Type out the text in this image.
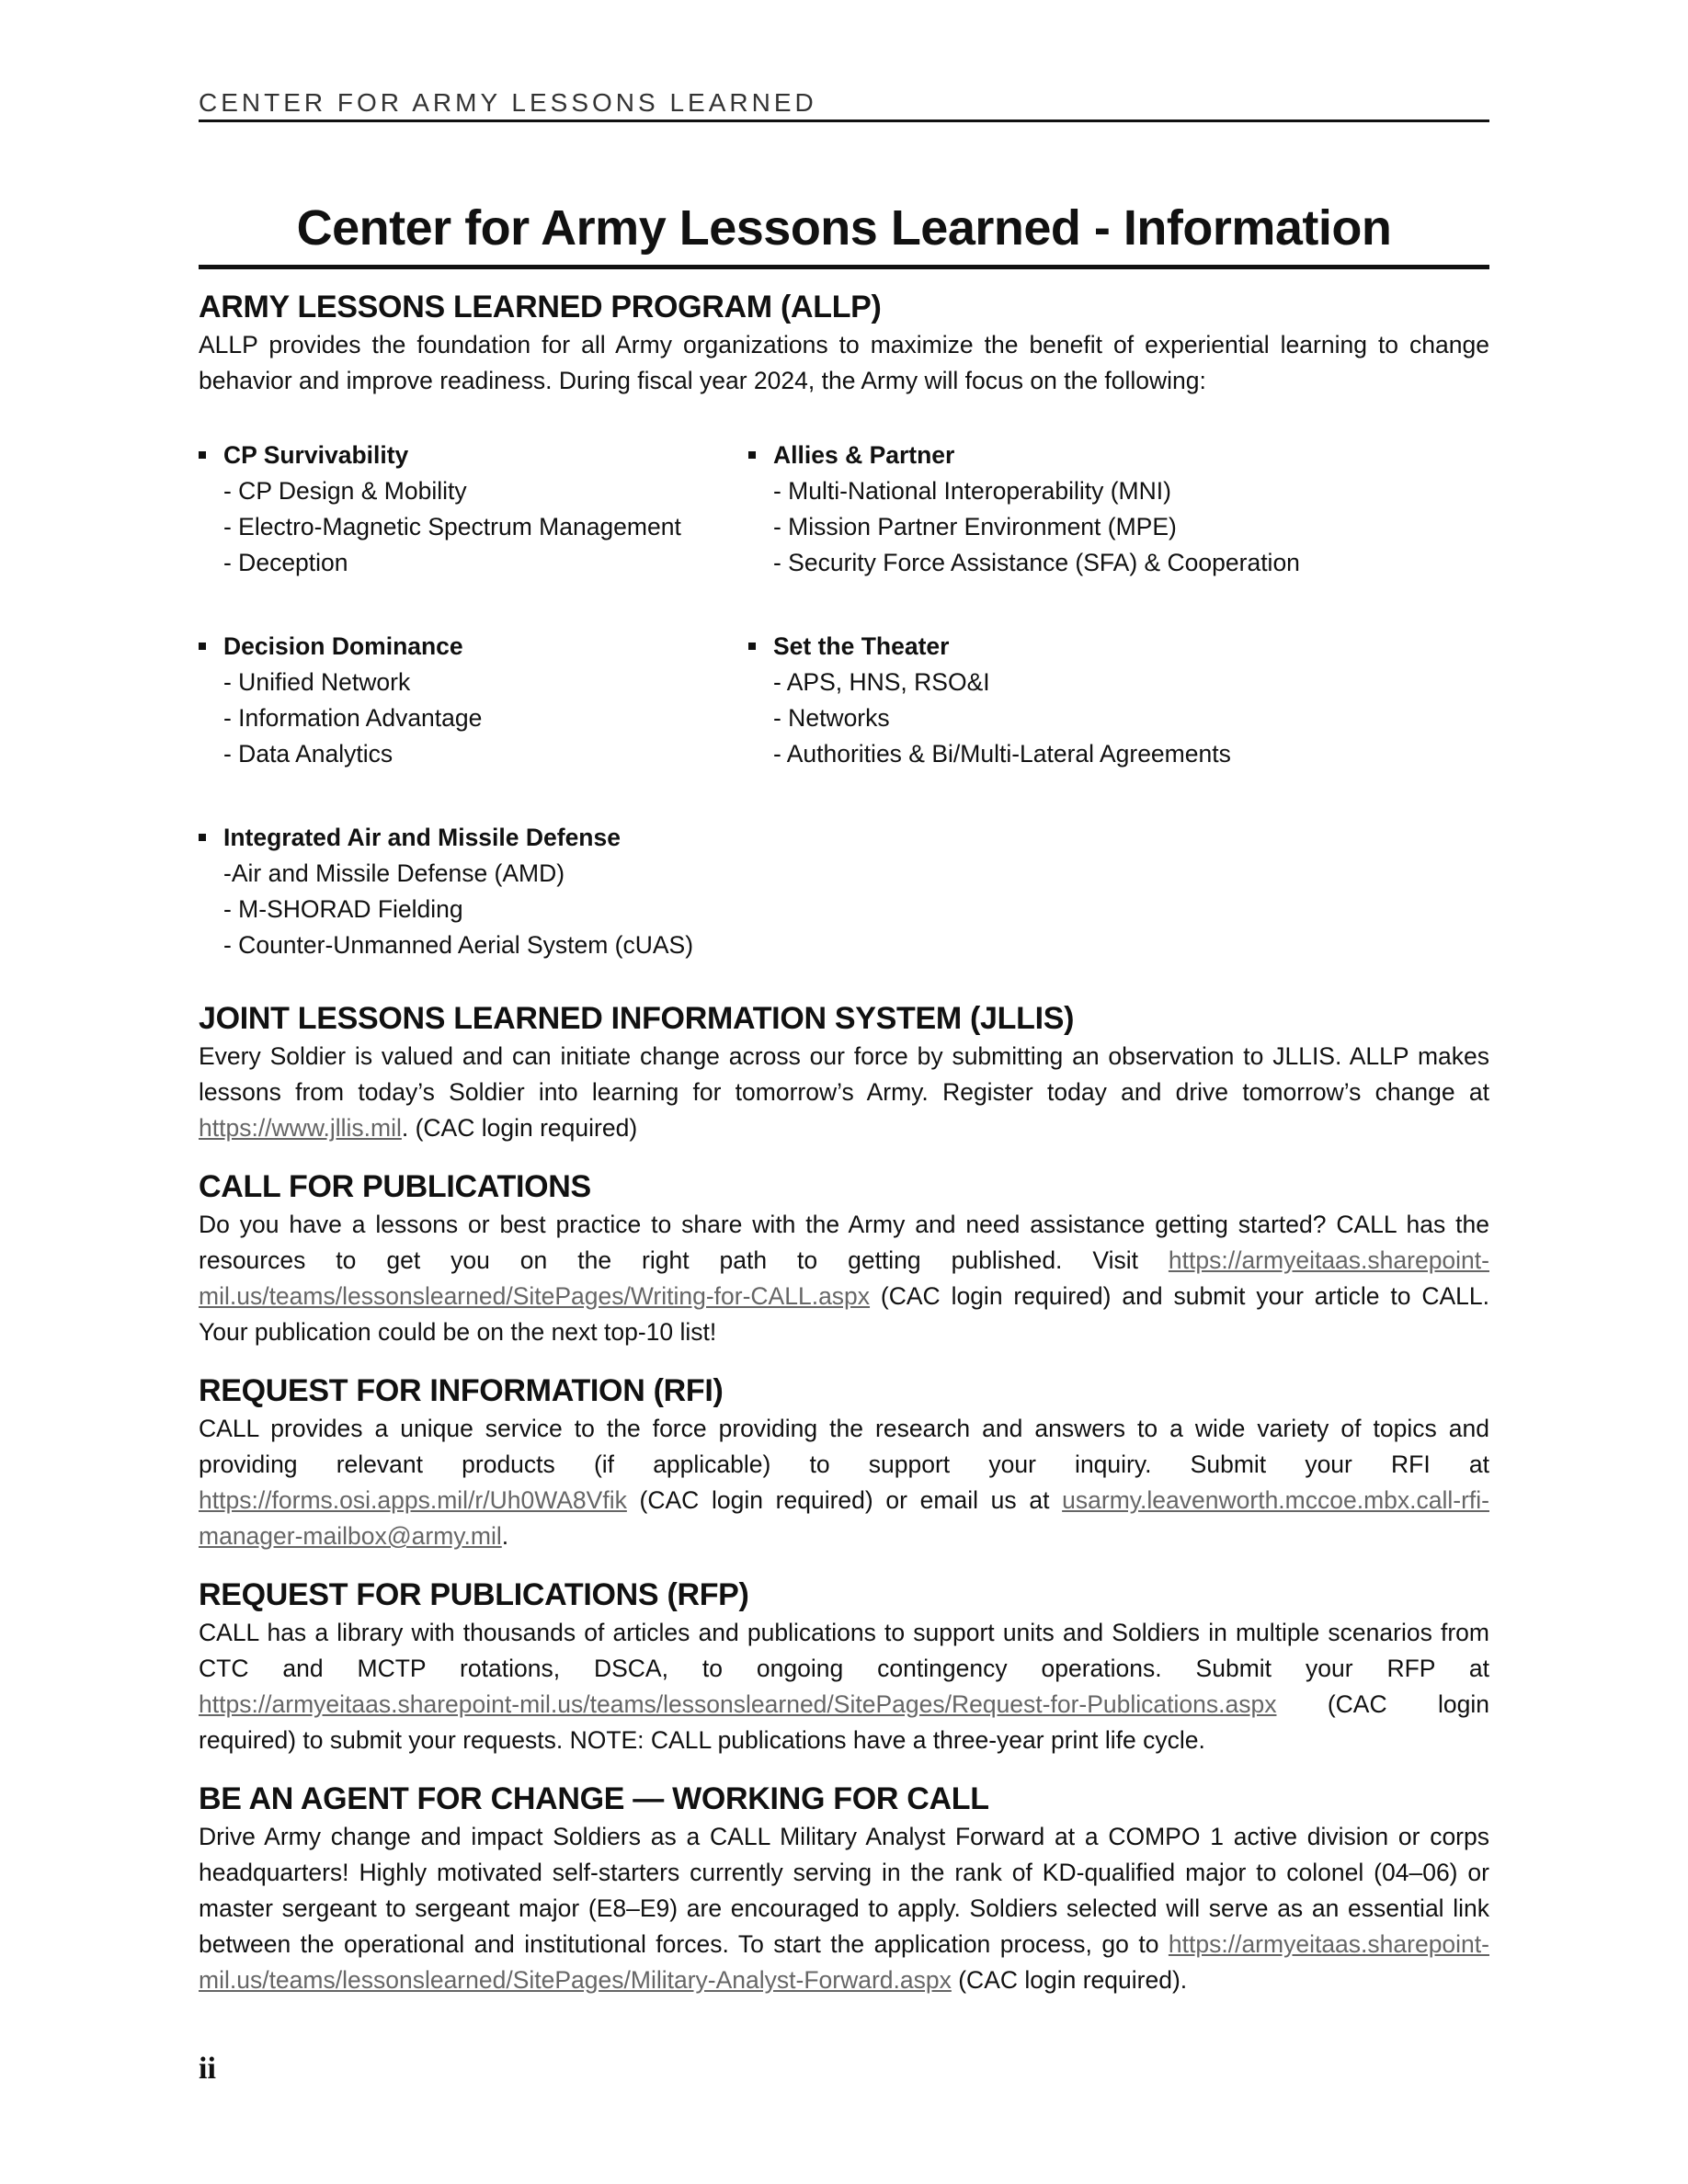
CENTER FOR ARMY LESSONS LEARNED
Center for Army Lessons Learned - Information
ARMY LESSONS LEARNED PROGRAM (ALLP)

ALLP provides the foundation for all Army organizations to maximize the benefit of experiential learning to change behavior and improve readiness. During fiscal year 2024, the Army will focus on the following:

CP Survivability
- CP Design & Mobility
- Electro-Magnetic Spectrum Management
- Deception
Decision Dominance
- Unified Network
- Information Advantage
- Data Analytics
Integrated Air and Missile Defense
-Air and Missile Defense (AMD)
- M-SHORAD Fielding
- Counter-Unmanned Aerial System (cUAS)
Allies & Partner
- Multi-National Interoperability (MNI)
- Mission Partner Environment (MPE)
- Security Force Assistance (SFA) & Cooperation
Set the Theater
- APS, HNS, RSO&I
- Networks
- Authorities & Bi/Multi-Lateral Agreements
JOINT LESSONS LEARNED INFORMATION SYSTEM (JLLIS)

Every Soldier is valued and can initiate change across our force by submitting an observation to JLLIS. ALLP makes lessons from today’s Soldier into learning for tomorrow’s Army. Register today and drive tomorrow’s change at https://www.jllis.mil. (CAC login required)

CALL FOR PUBLICATIONS

Do you have a lessons or best practice to share with the Army and need assistance getting started? CALL has the resources to get you on the right path to getting published. Visit https://armyeitaas.sharepoint-mil.us/teams/lessonslearned/SitePages/Writing-for-CALL.aspx (CAC login required) and submit your article to CALL. Your publication could be on the next top-10 list!

REQUEST FOR INFORMATION (RFI)

CALL provides a unique service to the force providing the research and answers to a wide variety of topics and providing relevant products (if applicable) to support your inquiry. Submit your RFI at https://forms.osi.apps.mil/r/Uh0WA8Vfik (CAC login required) or email us at usarmy.leavenworth.mccoe.mbx.call-rfi-manager-mailbox@army.mil.

REQUEST FOR PUBLICATIONS (RFP)

CALL has a library with thousands of articles and publications to support units and Soldiers in multiple scenarios from CTC and MCTP rotations, DSCA, to ongoing contingency operations. Submit your RFP at https://armyeitaas.sharepoint-mil.us/teams/lessonslearned/SitePages/Request-for-Publications.aspx (CAC login required) to submit your requests. NOTE: CALL publications have a three-year print life cycle.

BE AN AGENT FOR CHANGE — WORKING FOR CALL

Drive Army change and impact Soldiers as a CALL Military Analyst Forward at a COMPO 1 active division or corps headquarters! Highly motivated self-starters currently serving in the rank of KD-qualified major to colonel (04–06) or master sergeant to sergeant major (E8–E9) are encouraged to apply. Soldiers selected will serve as an essential link between the operational and institutional forces. To start the application process, go to https://armyeitaas.sharepoint-mil.us/teams/lessonslearned/SitePages/Military-Analyst-Forward.aspx (CAC login required).

ii
